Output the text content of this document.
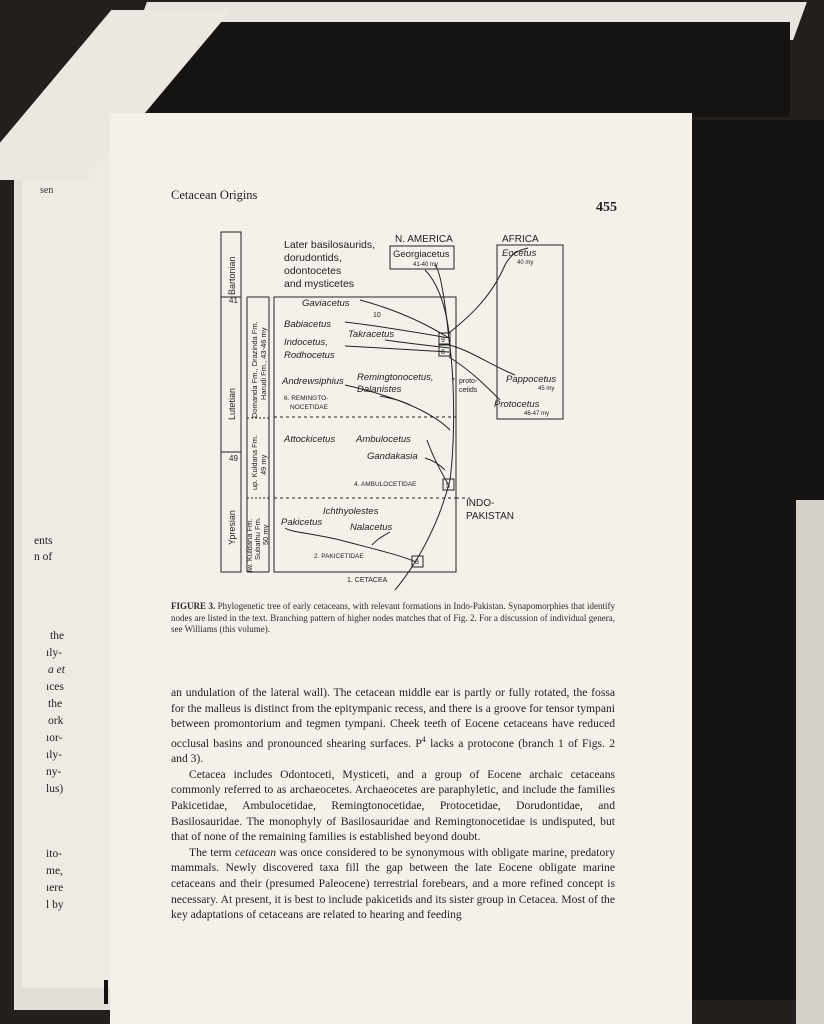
sen
ents
n of
the
ıly-
a et
ıces
the
ork
ıor-
ıly-
ny-
lus)
ito-
me,
ıere
l by
Cetacean Origins
455
Bartonian
Lutetian
Ypresian
41
49
Domanda Fm., Drazinda Fm. Harudi Fm., 43-46 my
up. Kuldana Fm. 49 my
lw. Kuldana Fm. Subathu Fm. 50 my
Later basilosaurids,
dorudontids,
odontocetes
and mysticetes
N. AMERICA	AFRICA
INDO-
PAKISTAN
Georgiacetus
41-40 my
Eocetus
40 my
Gaviacetus
10
Babiacetus
Takracetus
Indocetus,
Rodhocetus
9
8
Andrewsiphius Remingtonocetus,
Dalanistes
6. REMINGTO-
NOCETIDAE
7 proto-
cetids
Pappocetus
45 my
Protocetus
46-47 my
Attockicetus Ambulocetus
Gandakasia
4. AMBULOCETIDAE	5
Ichthyolestes
Pakicetus	Nalacetus
2. PAKICETIDAE
3
1. CETACEA
FIGURE 3. Phylogenetic tree of early cetaceans, with relevant formations in Indo-Pakistan. Synapomorphies that identify nodes are listed in the text. Branching pattern of higher nodes matches that of Fig. 2. For a discussion of individual genera, see Williams (this volume).

an undulation of the lateral wall). The cetacean middle ear is partly or fully rotated, the fossa for the malleus is distinct from the epitympanic recess, and there is a groove for tensor tympani between promontorium and tegmen tympani. Cheek teeth of Eocene cetaceans have reduced occlusal basins and pronounced shearing surfaces. $P^4$ lacks a protocone (branch 1 of Figs. 2 and 3).

Cetacea includes Odontoceti, Mysticeti, and a group of Eocene archaic cetaceans commonly referred to as archaeocetes. Archaeocetes are paraphyletic, and include the families Pakicetidae, Ambulocetidae, Remingtonocetidae, Protocetidae, Dorudontidae, and Basilosauridae. The monophyly of Basilosauridae and Remingtonocetidae is undisputed, but that of none of the remaining families is established beyond doubt.

The term cetacean was once considered to be synonymous with obligate marine, predatory mammals. Newly discovered taxa fill the gap between the late Eocene obligate marine cetaceans and their (presumed Paleocene) terrestrial forebears, and a more refined concept is necessary. At present, it is best to include pakicetids and its sister group in Cetacea. Most of the key adaptations of cetaceans are related to hearing and feeding
